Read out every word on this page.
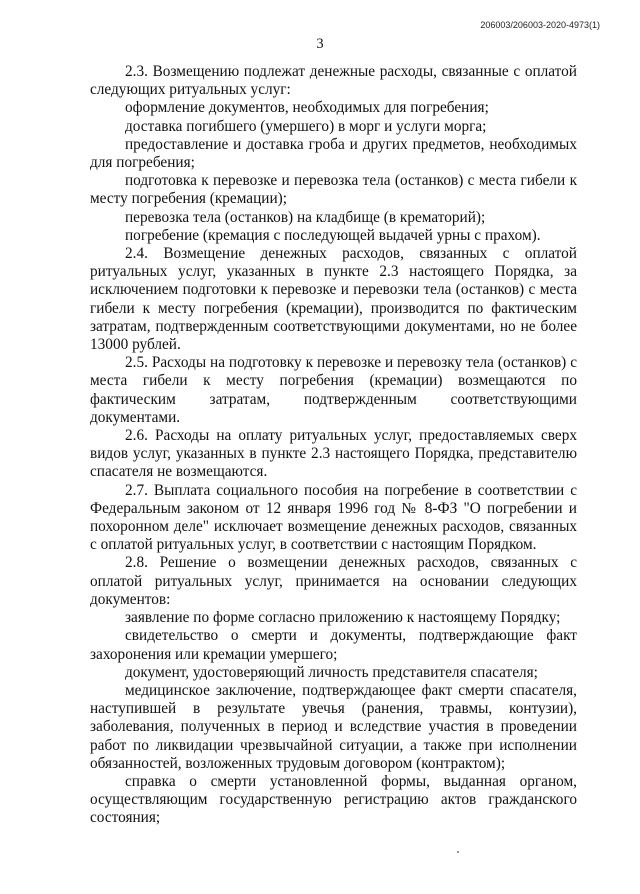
206003/206003-2020-4973(1)
3

2.3. Возмещению подлежат денежные расходы, связанные с оплатой следующих ритуальных услуг:

оформление документов, необходимых для погребения;

доставка погибшего (умершего) в морг и услуги морга;

предоставление и доставка гроба и других предметов, необходимых для погребения;

подготовка к перевозке и перевозка тела (останков) с места гибели к месту погребения (кремации);

перевозка тела (останков) на кладбище (в крематорий);

погребение (кремация с последующей выдачей урны с прахом).

2.4. Возмещение денежных расходов, связанных с оплатой ритуальных услуг, указанных в пункте 2.3 настоящего Порядка, за исключением подготовки к перевозке и перевозки тела (останков) с места гибели к месту погребения (кремации), производится по фактическим затратам, подтвержденным соответствующими документами, но не более 13000 рублей.

2.5. Расходы на подготовку к перевозке и перевозку тела (останков) с места гибели к месту погребения (кремации) возмещаются по фактическим затратам, подтвержденным соответствующими документами.

2.6. Расходы на оплату ритуальных услуг, предоставляемых сверх видов услуг, указанных в пункте 2.3 настоящего Порядка, представителю спасателя не возмещаются.

2.7. Выплата социального пособия на погребение в соответствии с Федеральным законом от 12 января 1996 год № 8-ФЗ "О погребении и похоронном деле" исключает возмещение денежных расходов, связанных с оплатой ритуальных услуг, в соответствии с настоящим Порядком.

2.8. Решение о возмещении денежных расходов, связанных с оплатой ритуальных услуг, принимается на основании следующих документов:

заявление по форме согласно приложению к настоящему Порядку;

свидетельство о смерти и документы, подтверждающие факт захоронения или кремации умершего;

документ, удостоверяющий личность представителя спасателя;

медицинское заключение, подтверждающее факт смерти спасателя, наступившей в результате увечья (ранения, травмы, контузии), заболевания, полученных в период и вследствие участия в проведении работ по ликвидации чрезвычайной ситуации, а также при исполнении обязанностей, возложенных трудовым договором (контрактом);

справка о смерти установленной формы, выданная органом, осуществляющим государственную регистрацию актов гражданского состояния;
